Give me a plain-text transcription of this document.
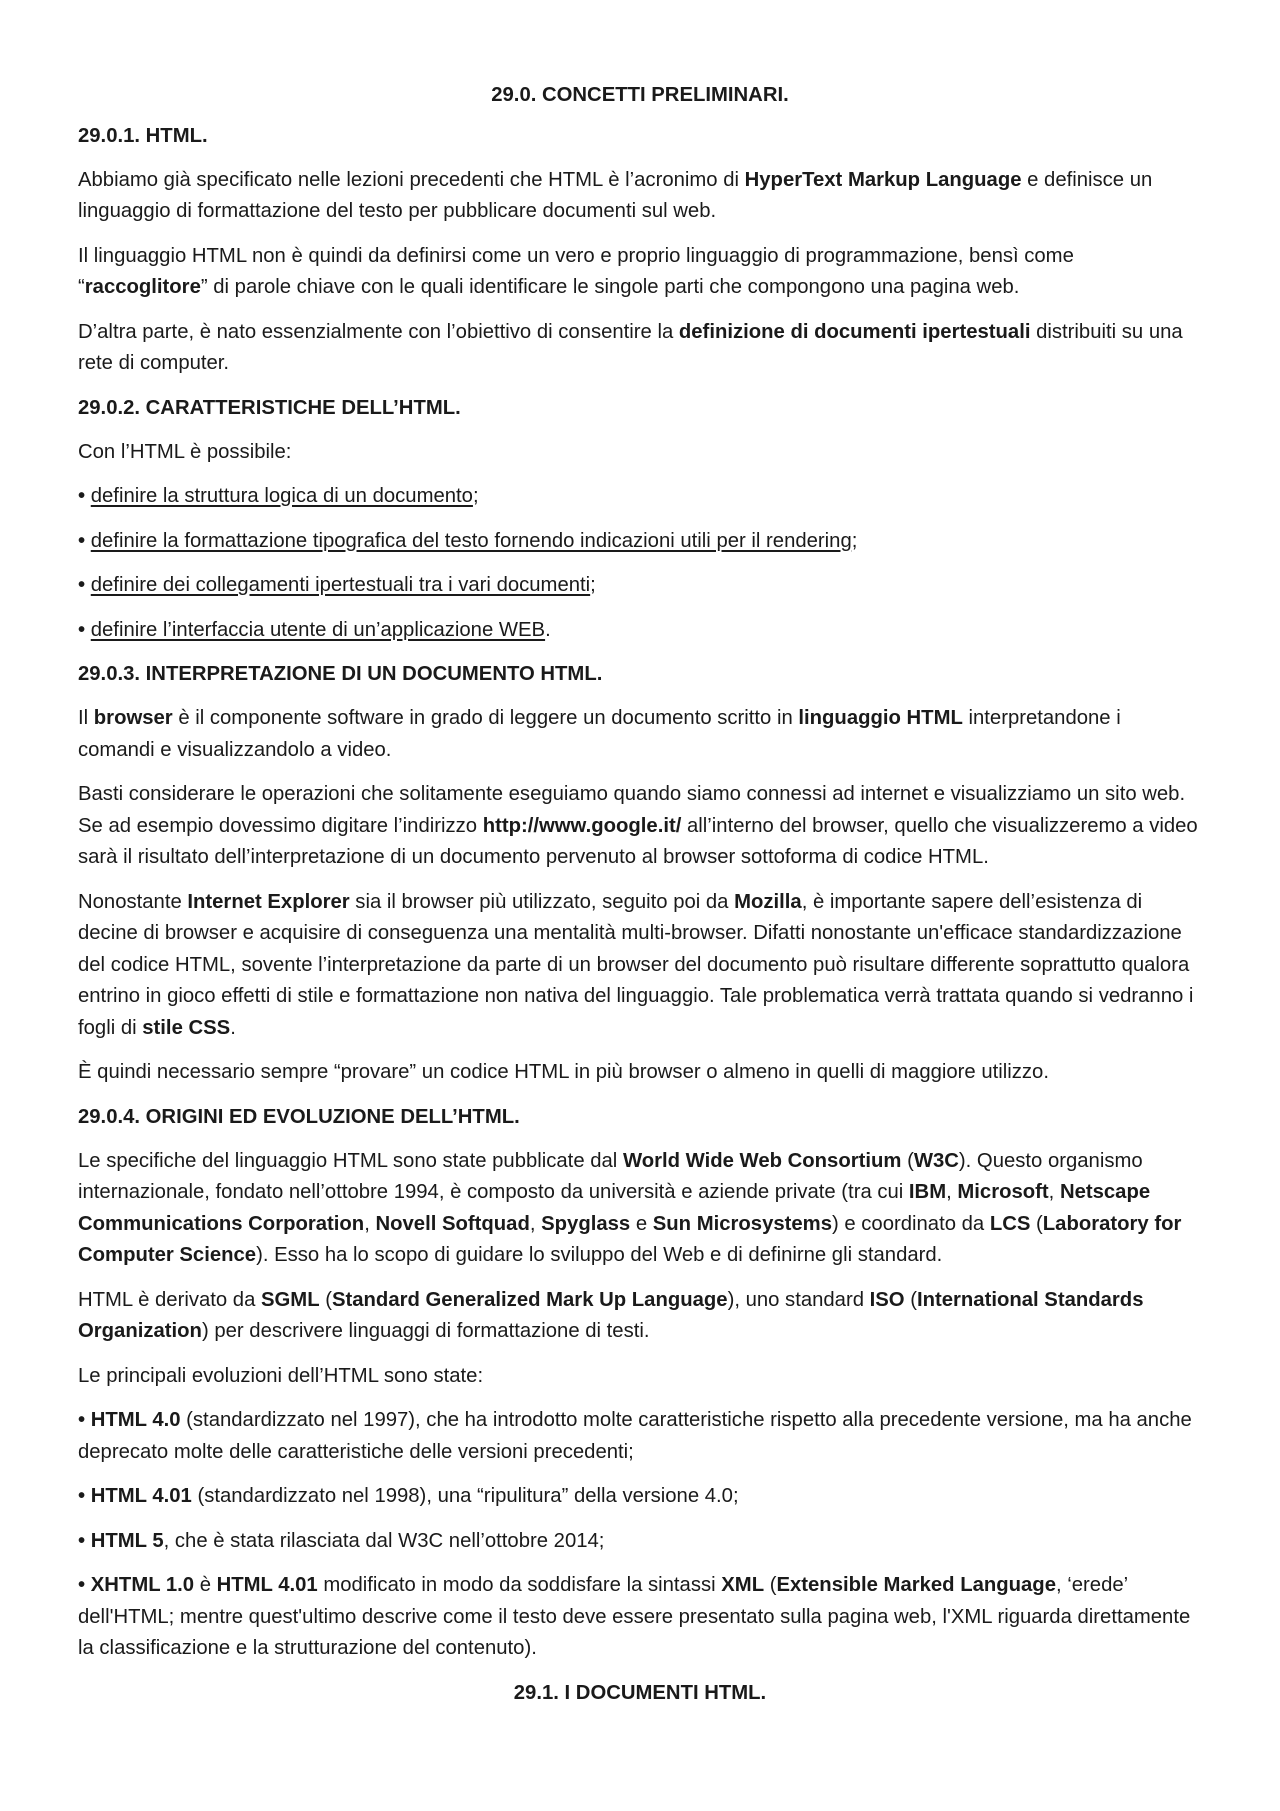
29.0. CONCETTI PRELIMINARI.
29.0.1. HTML.

Abbiamo già specificato nelle lezioni precedenti che HTML è l’acronimo di HyperText Markup Language e definisce un linguaggio di formattazione del testo per pubblicare documenti sul web.

Il linguaggio HTML non è quindi da definirsi come un vero e proprio linguaggio di programmazione, bensì come “raccoglitore” di parole chiave con le quali identificare le singole parti che compongono una pagina web.

D’altra parte, è nato essenzialmente con l’obiettivo di consentire la definizione di documenti ipertestuali distribuiti su una rete di computer.

29.0.2. CARATTERISTICHE DELL’HTML.

Con l’HTML è possibile:

• definire la struttura logica di un documento;
• definire la formattazione tipografica del testo fornendo indicazioni utili per il rendering;
• definire dei collegamenti ipertestuali tra i vari documenti;
• definire l’interfaccia utente di un’applicazione WEB.
29.0.3. INTERPRETAZIONE DI UN DOCUMENTO HTML.

Il browser è il componente software in grado di leggere un documento scritto in linguaggio HTML interpretandone i comandi e visualizzandolo a video.

Basti considerare le operazioni che solitamente eseguiamo quando siamo connessi ad internet e visualizziamo un sito web. Se ad esempio dovessimo digitare l’indirizzo http://www.google.it/ all’interno del browser, quello che visualizzeremo a video sarà il risultato dell’interpretazione di un documento pervenuto al browser sottoforma di codice HTML.

Nonostante Internet Explorer sia il browser più utilizzato, seguito poi da Mozilla, è importante sapere dell’esistenza di decine di browser e acquisire di conseguenza una mentalità multi-browser. Difatti nonostante un'efficace standardizzazione del codice HTML, sovente l’interpretazione da parte di un browser del documento può risultare differente soprattutto qualora entrino in gioco effetti di stile e formattazione non nativa del linguaggio. Tale problematica verrà trattata quando si vedranno i fogli di stile CSS.

È quindi necessario sempre “provare” un codice HTML in più browser o almeno in quelli di maggiore utilizzo.

29.0.4. ORIGINI ED EVOLUZIONE DELL’HTML.

Le specifiche del linguaggio HTML sono state pubblicate dal World Wide Web Consortium (W3C). Questo organismo internazionale, fondato nell’ottobre 1994, è composto da università e aziende private (tra cui IBM, Microsoft, Netscape Communications Corporation, Novell Softquad, Spyglass e Sun Microsystems) e coordinato da LCS (Laboratory for Computer Science). Esso ha lo scopo di guidare lo sviluppo del Web e di definirne gli standard.

HTML è derivato da SGML (Standard Generalized Mark Up Language), uno standard ISO (International Standards Organization) per descrivere linguaggi di formattazione di testi.

Le principali evoluzioni dell’HTML sono state:

• HTML 4.0 (standardizzato nel 1997), che ha introdotto molte caratteristiche rispetto alla precedente versione, ma ha anche deprecato molte delle caratteristiche delle versioni precedenti;
• HTML 4.01 (standardizzato nel 1998), una “ripulitura” della versione 4.0;
• HTML 5, che è stata rilasciata dal W3C nell’ottobre 2014;
• XHTML 1.0 è HTML 4.01 modificato in modo da soddisfare la sintassi XML (Extensible Marked Language, ‘erede’ dell'HTML; mentre quest'ultimo descrive come il testo deve essere presentato sulla pagina web, l'XML riguarda direttamente la classificazione e la strutturazione del contenuto).
29.1. I DOCUMENTI HTML.
